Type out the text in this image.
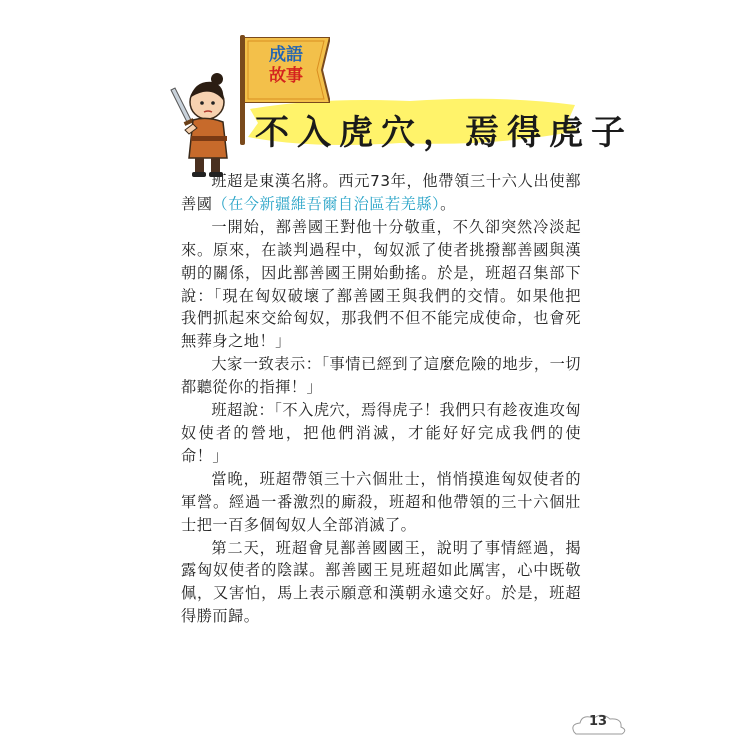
成語
故事
不入虎穴，焉得虎子

班超是東漢名將。西元73年，他帶領三十六人出使鄯善國（在今新疆維吾爾自治區若羌縣）。

一開始，鄯善國王對他十分敬重，不久卻突然冷淡起來。原來，在談判過程中，匈奴派了使者挑撥鄯善國與漢朝的關係，因此鄯善國王開始動搖。於是，班超召集部下說：「現在匈奴破壞了鄯善國王與我們的交情。如果他把我們抓起來交給匈奴，那我們不但不能完成使命，也會死無葬身之地！」

大家一致表示：「事情已經到了這麼危險的地步，一切都聽從你的指揮！」

班超說：「不入虎穴，焉得虎子！我們只有趁夜進攻匈奴使者的營地，把他們消滅，才能好好完成我們的使命！」

當晚，班超帶領三十六個壯士，悄悄摸進匈奴使者的軍營。經過一番激烈的廝殺，班超和他帶領的三十六個壯士把一百多個匈奴人全部消滅了。

第二天，班超會見鄯善國國王，說明了事情經過，揭露匈奴使者的陰謀。鄯善國王見班超如此厲害，心中既敬佩，又害怕，馬上表示願意和漢朝永遠交好。於是，班超得勝而歸。

13
